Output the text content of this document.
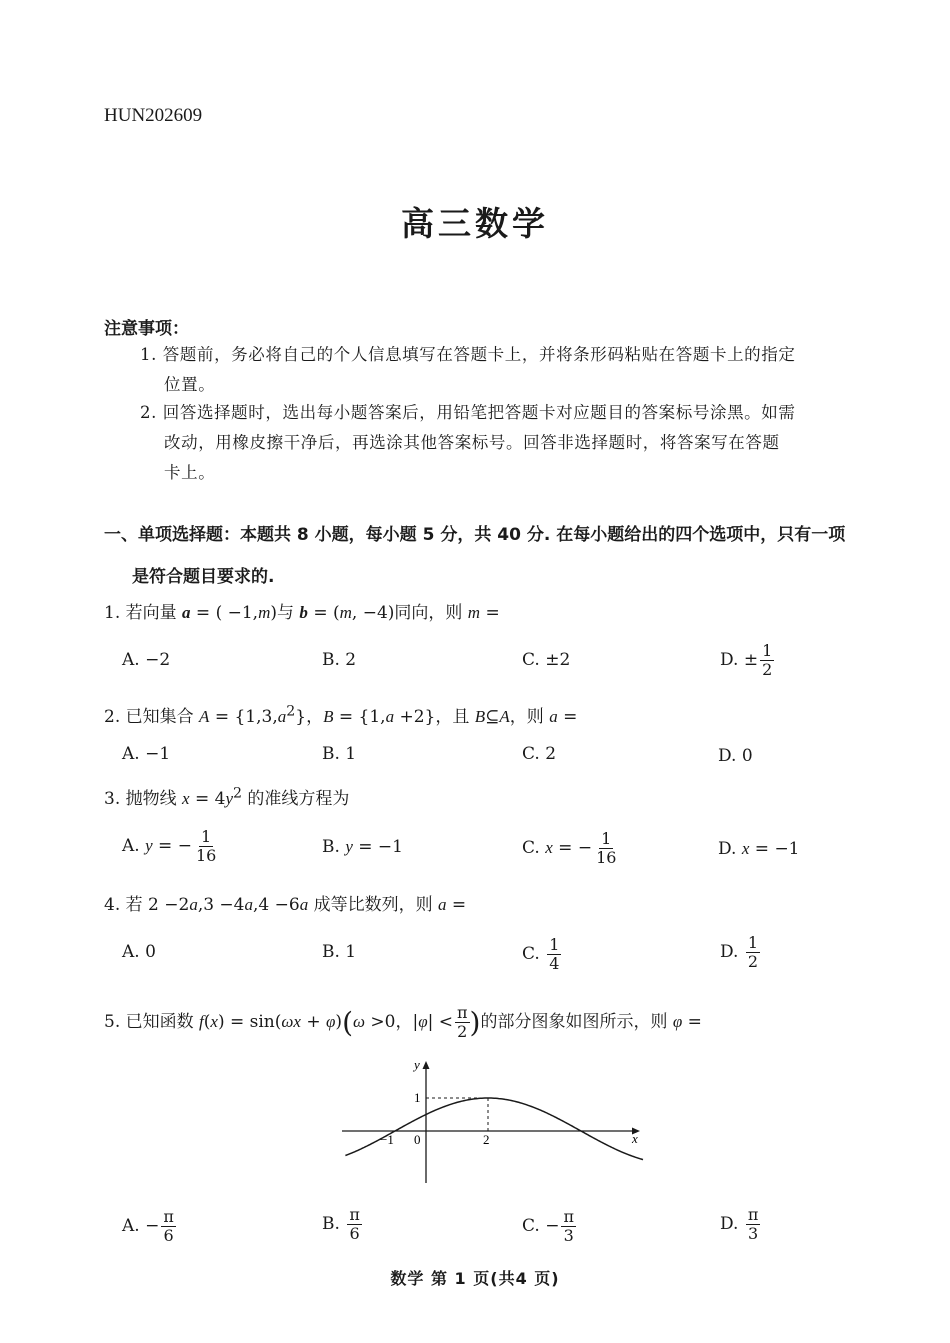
HUN202609
高三数学
注意事项：
1. 答题前，务必将自己的个人信息填写在答题卡上，并将条形码粘贴在答题卡上的指定
位置。
2. 回答选择题时，选出每小题答案后，用铅笔把答题卡对应题目的答案标号涂黑。如需
改动，用橡皮擦干净后，再选涂其他答案标号。回答非选择题时，将答案写在答题
卡上。
一、单项选择题：本题共 8 小题，每小题 5 分，共 40 分. 在每小题给出的四个选项中，只有一项
是符合题目要求的.
1. 若向量 a = ( −1,m)与 b = (m, −4)同向，则 m =
A. −2	B. 2	C. ±2	D. ± $\frac{1}{2}$
2. 已知集合 $A = \{1,3,a^2\}$，B = {1,a +2}，且 B⊆A，则 a =
A. −1	B. 1	C. 2	D. 0
3. 抛物线 $x = 4y^2$ 的准线方程为
A. y = − $\frac{1}{16}$	B. y = −1	C. x = − $\frac{1}{16}$	D. x = −1
4. 若 2 −2a,3 −4a,4 −6a 成等比数列，则 a =
A. 0	B. 1	C. $\frac{1}{4}$	D. $\frac{1}{2}$
5. 已知函数 f(x) = sin(ωx + φ)(ω >0，$|\varphi| < \frac{\pi}{2}$ )的部分图象如图所示，则 φ =
y
x
1
−1 0	2
A. − $\frac{\pi}{6}$	B. $\frac{\pi}{6}$	C. − $\frac{\pi}{3}$	D. $\frac{\pi}{3}$
数学 第 1 页(共4 页)
